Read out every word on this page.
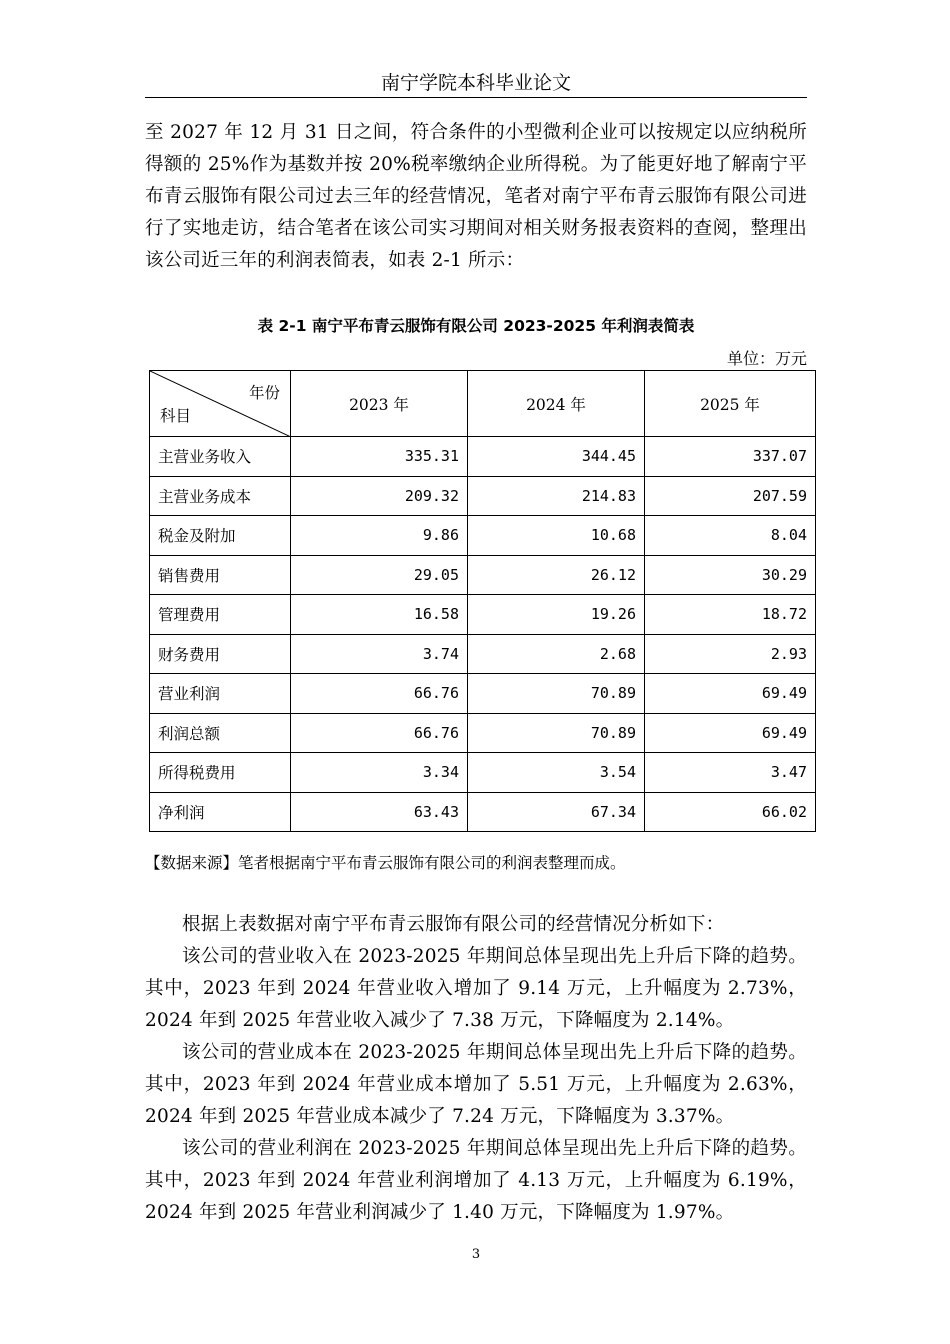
南宁学院本科毕业论文

至 2027 年 12 月 31 日之间，符合条件的小型微利企业可以按规定以应纳税所得额的 25%作为基数并按 20%税率缴纳企业所得税。为了能更好地了解南宁平布青云服饰有限公司过去三年的经营情况，笔者对南宁平布青云服饰有限公司进行了实地走访，结合笔者在该公司实习期间对相关财务报表资料的查阅，整理出该公司近三年的利润表简表，如表 2-1 所示：

表 2-1 南宁平布青云服饰有限公司 2023-2025 年利润表简表
单位：万元
年份
科目	2023 年	2024 年	2025 年
主营业务收入	335.31	344.45	337.07
主营业务成本	209.32	214.83	207.59
税金及附加	9.86	10.68	8.04
销售费用	29.05	26.12	30.29
管理费用	16.58	19.26	18.72
财务费用	3.74	2.68	2.93
营业利润	66.76	70.89	69.49
利润总额	66.76	70.89	69.49
所得税费用	3.34	3.54	3.47
净利润	63.43	67.34	66.02
【数据来源】笔者根据南宁平布青云服饰有限公司的利润表整理而成。

根据上表数据对南宁平布青云服饰有限公司的经营情况分析如下：

该公司的营业收入在 2023-2025 年期间总体呈现出先上升后下降的趋势。其中，2023 年到 2024 年营业收入增加了 9.14 万元，上升幅度为 2.73%，2024 年到 2025 年营业收入减少了 7.38 万元，下降幅度为 2.14%。

该公司的营业成本在 2023-2025 年期间总体呈现出先上升后下降的趋势。其中，2023 年到 2024 年营业成本增加了 5.51 万元，上升幅度为 2.63%，2024 年到 2025 年营业成本减少了 7.24 万元，下降幅度为 3.37%。

该公司的营业利润在 2023-2025 年期间总体呈现出先上升后下降的趋势。其中，2023 年到 2024 年营业利润增加了 4.13 万元，上升幅度为 6.19%，2024 年到 2025 年营业利润减少了 1.40 万元，下降幅度为 1.97%。

3
